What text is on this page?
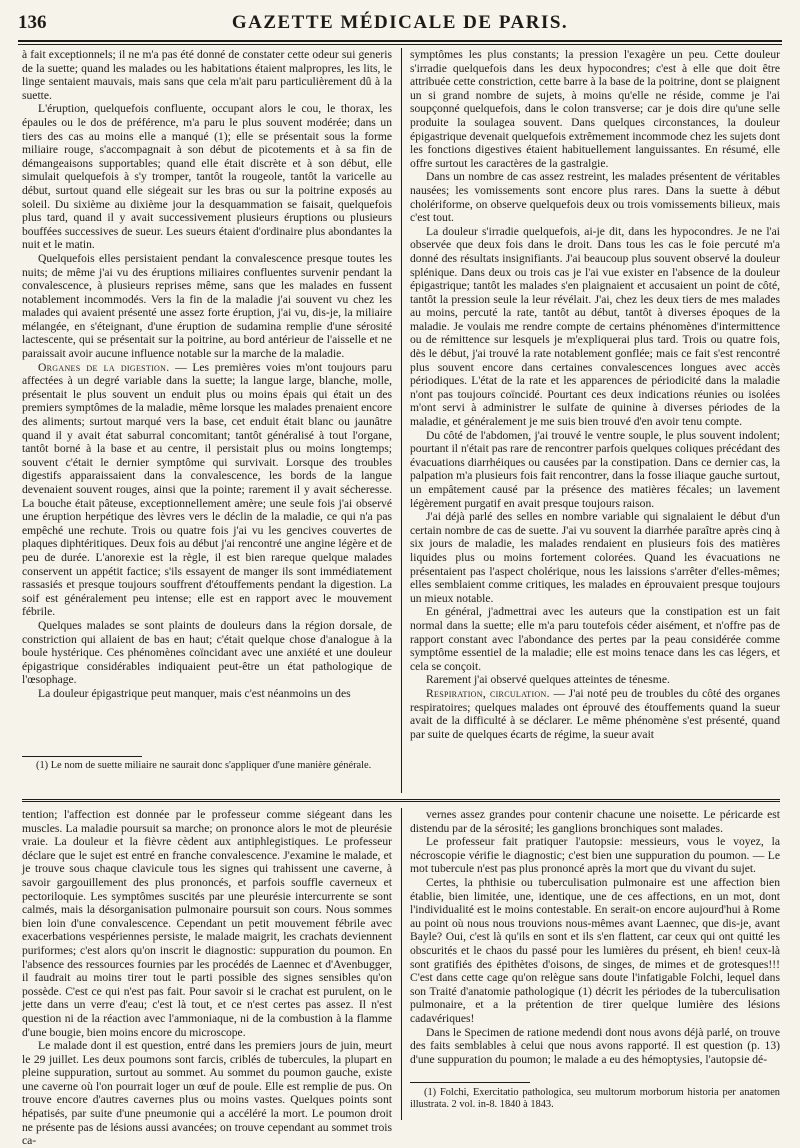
136	GAZETTE MÉDICALE DE PARIS.

à fait exceptionnels; il ne m'a pas été donné de constater cette odeur sui generis de la suette; quand les malades ou les habitations étaient malpropres, les lits, le linge sentaient mauvais, mais sans que cela m'ait paru particulièrement dû à la suette.

L'éruption, quelquefois confluente, occupant alors le cou, le thorax, les épaules ou le dos de préférence, m'a paru le plus souvent modérée; dans un tiers des cas au moins elle a manqué (1); elle se présentait sous la forme miliaire rouge, s'accompagnait à son début de picotements et à sa fin de démangeaisons supportables; quand elle était discrète et à son début, elle simulait quelquefois à s'y tromper, tantôt la rougeole, tantôt la varicelle au début, surtout quand elle siégeait sur les bras ou sur la poitrine exposés au soleil. Du sixième au dixième jour la desquammation se faisait, quelquefois plus tard, quand il y avait successivement plusieurs éruptions ou plusieurs bouffées successives de sueur. Les sueurs étaient d'ordinaire plus abondantes la nuit et le matin.

Quelquefois elles persistaient pendant la convalescence presque toutes les nuits; de même j'ai vu des éruptions miliaires confluentes survenir pendant la convalescence, à plusieurs reprises même, sans que les malades en fussent notablement incommodés. Vers la fin de la maladie j'ai souvent vu chez les malades qui avaient présenté une assez forte éruption, j'ai vu, dis-je, la miliaire mélangée, en s'éteignant, d'une éruption de sudamina remplie d'une sérosité lactescente, qui se présentait sur la poitrine, au bord antérieur de l'aisselle et ne paraissait avoir aucune influence notable sur la marche de la maladie.

Organes de la digestion. — Les premières voies m'ont toujours paru affectées à un degré variable dans la suette; la langue large, blanche, molle, présentait le plus souvent un enduit plus ou moins épais qui était un des premiers symptômes de la maladie, même lorsque les malades prenaient encore des aliments; surtout marqué vers la base, cet enduit était blanc ou jaunâtre quand il y avait état saburral concomitant; tantôt généralisé à tout l'organe, tantôt borné à la base et au centre, il persistait plus ou moins longtemps; souvent c'était le dernier symptôme qui survivait. Lorsque des troubles digestifs apparaissaient dans la convalescence, les bords de la langue devenaient souvent rouges, ainsi que la pointe; rarement il y avait sécheresse. La bouche était pâteuse, exceptionnellement amère; une seule fois j'ai observé une éruption herpétique des lèvres vers le déclin de la maladie, ce qui n'a pas empêché une rechute. Trois ou quatre fois j'ai vu les gencives couvertes de plaques diphtéritiques. Deux fois au début j'ai rencontré une angine légère et de peu de durée. L'anorexie est la règle, il est bien rareque quelque malades conservent un appétit factice; s'ils essayent de manger ils sont immédiatement rassasiés et presque toujours souffrent d'étouffements pendant la digestion. La soif est généralement peu intense; elle est en rapport avec le mouvement fébrile.

Quelques malades se sont plaints de douleurs dans la région dorsale, de constriction qui allaient de bas en haut; c'était quelque chose d'analogue à la boule hystérique. Ces phénomènes coïncidant avec une anxiété et une douleur épigastrique considérables indiquaient peut-être un état pathologique de l'œsophage.

La douleur épigastrique peut manquer, mais c'est néanmoins un des

(1) Le nom de suette miliaire ne saurait donc s'appliquer d'une manière générale.

symptômes les plus constants; la pression l'exagère un peu. Cette douleur s'irradie quelquefois dans les deux hypocondres; c'est à elle que doit être attribuée cette constriction, cette barre à la base de la poitrine, dont se plaignent un si grand nombre de sujets, à moins qu'elle ne réside, comme je l'ai soupçonné quelquefois, dans le colon transverse; car je dois dire qu'une selle produite la soulagea souvent. Dans quelques circonstances, la douleur épigastrique devenait quelquefois extrêmement incommode chez les sujets dont les fonctions digestives étaient habituellement languissantes. En résumé, elle offre surtout les caractères de la gastralgie.

Dans un nombre de cas assez restreint, les malades présentent de véritables nausées; les vomissements sont encore plus rares. Dans la suette à début cholériforme, on observe quelquefois deux ou trois vomissements bilieux, mais c'est tout.

La douleur s'irradie quelquefois, ai-je dit, dans les hypocondres. Je ne l'ai observée que deux fois dans le droit. Dans tous les cas le foie percuté m'a donné des résultats insignifiants. J'ai beaucoup plus souvent observé la douleur splénique. Dans deux ou trois cas je l'ai vue exister en l'absence de la douleur épigastrique; tantôt les malades s'en plaignaient et accusaient un point de côté, tantôt la pression seule la leur révélait. J'ai, chez les deux tiers de mes malades au moins, percuté la rate, tantôt au début, tantôt à diverses époques de la maladie. Je voulais me rendre compte de certains phénomènes d'intermittence ou de rémittence sur lesquels je m'expliquerai plus tard. Trois ou quatre fois, dès le début, j'ai trouvé la rate notablement gonflée; mais ce fait s'est rencontré plus souvent encore dans certaines convalescences longues avec accès périodiques. L'état de la rate et les apparences de périodicité dans la maladie n'ont pas toujours coïncidé. Pourtant ces deux indications réunies ou isolées m'ont servi à administrer le sulfate de quinine à diverses périodes de la maladie, et généralement je me suis bien trouvé d'en avoir tenu compte.

Du côté de l'abdomen, j'ai trouvé le ventre souple, le plus souvent indolent; pourtant il n'était pas rare de rencontrer parfois quelques coliques précédant des évacuations diarrhéiques ou causées par la constipation. Dans ce dernier cas, la palpation m'a plusieurs fois fait rencontrer, dans la fosse iliaque gauche surtout, un empâtement causé par la présence des matières fécales; un lavement légèrement purgatif en avait presque toujours raison.

J'ai déjà parlé des selles en nombre variable qui signalaient le début d'un certain nombre de cas de suette. J'ai vu souvent la diarrhée paraître après cinq à six jours de maladie, les malades rendaient en plusieurs fois des matières liquides plus ou moins fortement colorées. Quand les évacuations ne présentaient pas l'aspect cholérique, nous les laissions s'arrêter d'elles-mêmes; elles semblaient comme critiques, les malades en éprouvaient presque toujours un mieux notable.

En général, j'admettrai avec les auteurs que la constipation est un fait normal dans la suette; elle m'a paru toutefois céder aisément, et n'offre pas de rapport constant avec l'abondance des pertes par la peau considérée comme symptôme essentiel de la maladie; elle est moins tenace dans les cas légers, et cela se conçoit.

Rarement j'ai observé quelques atteintes de ténesme.

Respiration, circulation. — J'ai noté peu de troubles du côté des organes respiratoires; quelques malades ont éprouvé des étouffements quand la sueur avait de la difficulté à se déclarer. Le même phénomène s'est présenté, quand par suite de quelques écarts de régime, la sueur avait

tention; l'affection est donnée par le professeur comme siégeant dans les muscles. La maladie poursuit sa marche; on prononce alors le mot de pleurésie vraie. La douleur et la fièvre cèdent aux antiphlegistiques. Le professeur déclare que le sujet est entré en franche convalescence. J'examine le malade, et je trouve sous chaque clavicule tous les signes qui trahissent une caverne, à savoir gargouillement des plus prononcés, et parfois souffle caverneux et pectoriloquie. Les symptômes suscités par une pleurésie intercurrente se sont calmés, mais la désorganisation pulmonaire poursuit son cours. Nous sommes bien loin d'une convalescence. Cependant un petit mouvement fébrile avec exacerbations vespériennes persiste, le malade maigrit, les crachats deviennent puriformes; c'est alors qu'on inscrit le diagnostic: suppuration du poumon. En l'absence des ressources fournies par les procédés de Laennec et d'Avenbugger, il faudrait au moins tirer tout le parti possible des signes sensibles qu'on possède. C'est ce qui n'est pas fait. Pour savoir si le crachat est purulent, on le jette dans un verre d'eau; c'est là tout, et ce n'est certes pas assez. Il n'est question ni de la réaction avec l'ammoniaque, ni de la combustion à la flamme d'une bougie, bien moins encore du microscope.

Le malade dont il est question, entré dans les premiers jours de juin, meurt le 29 juillet. Les deux poumons sont farcis, criblés de tubercules, la plupart en pleine suppuration, surtout au sommet. Au sommet du poumon gauche, existe une caverne où l'on pourrait loger un œuf de poule. Elle est remplie de pus. On trouve encore d'autres cavernes plus ou moins vastes. Quelques points sont hépatisés, par suite d'une pneumonie qui a accéléré la mort. Le poumon droit ne présente pas de lésions aussi avancées; on trouve cependant au sommet trois ca-

vernes assez grandes pour contenir chacune une noisette. Le péricarde est distendu par de la sérosité; les ganglions bronchiques sont malades.

Le professeur fait pratiquer l'autopsie: messieurs, vous le voyez, la nécroscopie vérifie le diagnostic; c'est bien une suppuration du poumon. — Le mot tubercule n'est pas plus prononcé après la mort que du vivant du sujet.

Certes, la phthisie ou tuberculisation pulmonaire est une affection bien établie, bien limitée, une, identique, une de ces affections, en un mot, dont l'individualité est le moins contestable. En serait-on encore aujourd'hui à Rome au point où nous nous trouvions nous-mêmes avant Laennec, que dis-je, avant Bayle? Oui, c'est là qu'ils en sont et ils s'en flattent, car ceux qui ont quitté les obscurités et le chaos du passé pour les lumières du présent, eh bien! ceux-là sont gratifiés des épithètes d'oisons, de singes, de mimes et de grotesques!!! C'est dans cette cage qu'on relègue sans doute l'infatigable Folchi, lequel dans son Traité d'anatomie pathologique (1) décrit les périodes de la tuberculisation pulmonaire, et a la prétention de tirer quelque lumière des lésions cadavériques!

Dans le Specimen de ratione medendi dont nous avons déjà parlé, on trouve des faits semblables à celui que nous avons rapporté. Il est question (p. 13) d'une suppuration du poumon; le malade a eu des hémoptysies, l'autopsie dé-

(1) Folchi, Exercitatio pathologica, seu multorum morborum historia per anatomen illustrata. 2 vol. in-8. 1840 à 1843.
